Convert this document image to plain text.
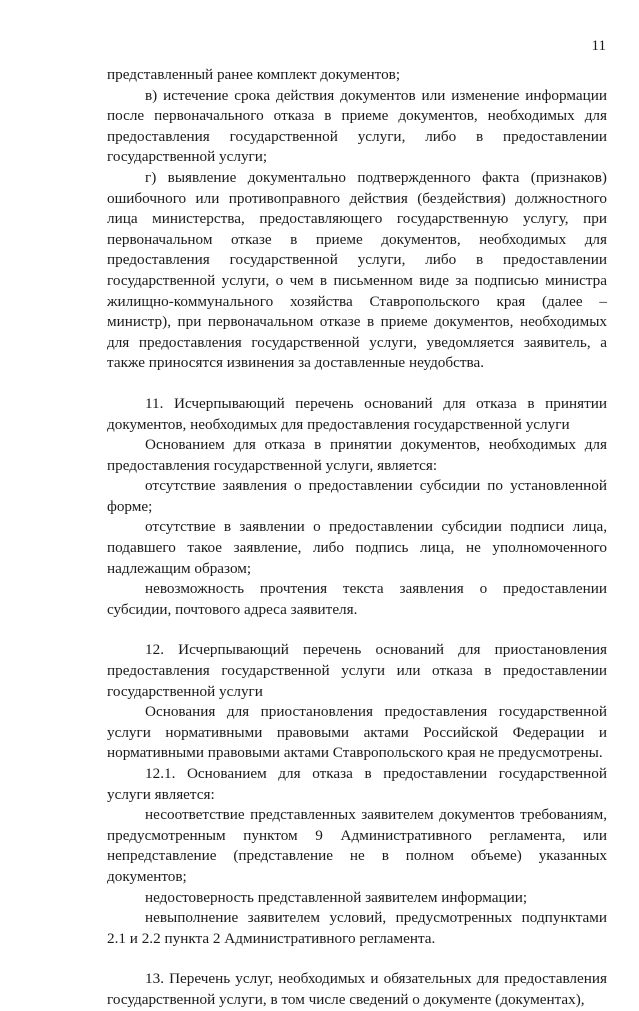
11

представленный ранее комплект документов;

в) истечение срока действия документов или изменение информации после первоначального отказа в приеме документов, необходимых для предоставления государственной услуги, либо в предоставлении государственной услуги;

г) выявление документально подтвержденного факта (признаков) ошибочного или противоправного действия (бездействия) должностного лица министерства, предоставляющего государственную услугу, при первоначальном отказе в приеме документов, необходимых для предоставления государственной услуги, либо в предоставлении государственной услуги, о чем в письменном виде за подписью министра жилищно-коммунального хозяйства Ставропольского края (далее – министр), при первоначальном отказе в приеме документов, необходимых для предоставления государственной услуги, уведомляется заявитель, а также приносятся извинения за доставленные неудобства.

11. Исчерпывающий перечень оснований для отказа в принятии документов, необходимых для предоставления государственной услуги

Основанием для отказа в принятии документов, необходимых для предоставления государственной услуги, является:

отсутствие заявления о предоставлении субсидии по установленной форме;

отсутствие в заявлении о предоставлении субсидии подписи лица, подавшего такое заявление, либо подпись лица, не уполномоченного надлежащим образом;

невозможность прочтения текста заявления о предоставлении субсидии, почтового адреса заявителя.

12. Исчерпывающий перечень оснований для приостановления предоставления государственной услуги или отказа в предоставлении государственной услуги

Основания для приостановления предоставления государственной услуги нормативными правовыми актами Российской Федерации и нормативными правовыми актами Ставропольского края не предусмотрены.

12.1. Основанием для отказа в предоставлении государственной услуги является:

несоответствие представленных заявителем документов требованиям, предусмотренным пунктом 9 Административного регламента, или непредставление (представление не в полном объеме) указанных документов;

недостоверность представленной заявителем информации;

невыполнение заявителем условий, предусмотренных подпунктами 2.1 и 2.2 пункта 2 Административного регламента.

13. Перечень услуг, необходимых и обязательных для предоставления государственной услуги, в том числе сведений о документе (документах),
